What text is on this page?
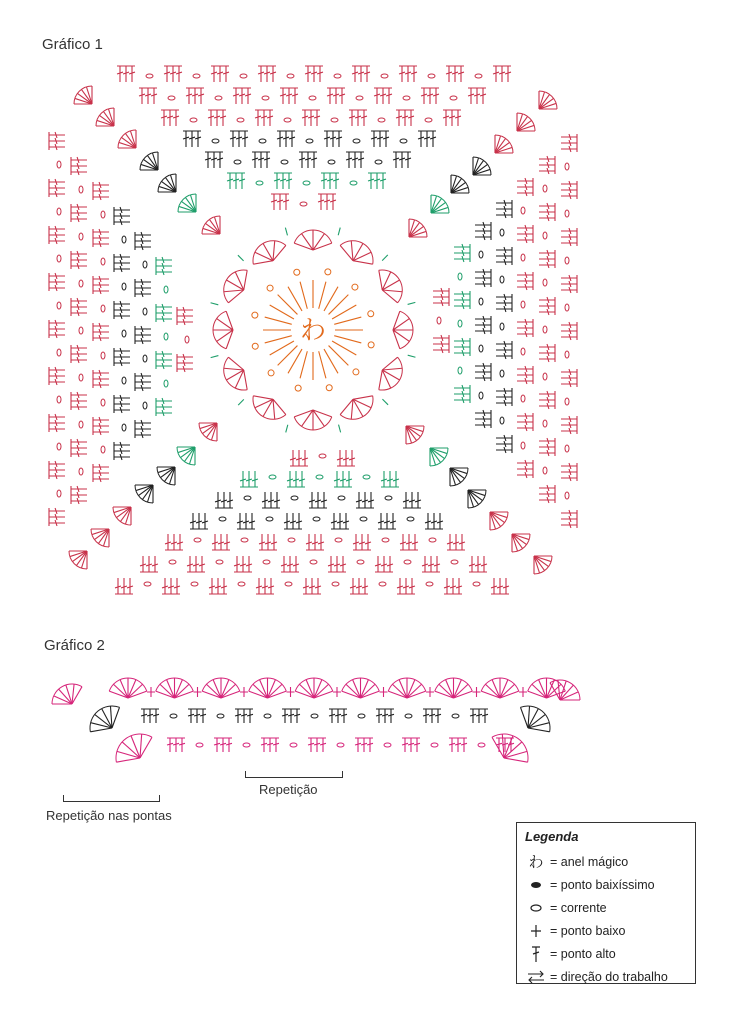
Gráfico 1
わ
Gráfico 2
Repetição
Repetição nas pontas
Legenda
わ = anel mágico
= ponto baixíssimo
= corrente
= ponto baixo
= ponto alto
= direção do trabalho
